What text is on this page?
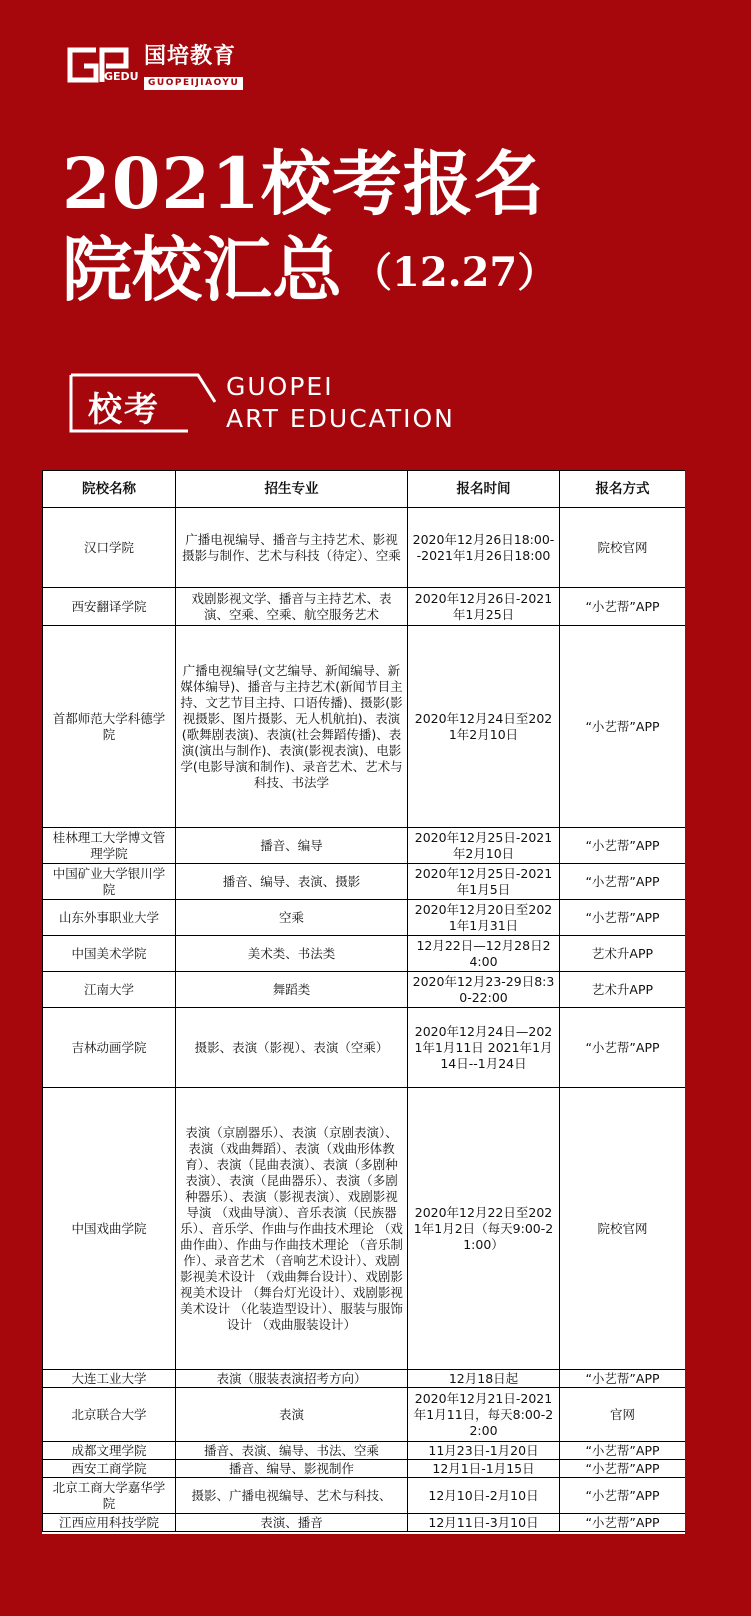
GEDU
国培教育
GUOPEIJIAOYU
2021校考报名
院校汇总 （12.27）
校考
GUOPEI
ART EDUCATION
院校名称	招生专业	报名时间	报名方式
汉口学院	广播电视编导、播音与主持艺术、影视摄影与制作、艺术与科技（待定）、空乘	2020年12月26日18:00--2021年1月26日18:00	院校官网
西安翻译学院	戏剧影视文学、播音与主持艺术、表演、空乘、空乘、航空服务艺术	2020年12月26日-2021年1月25日	“小艺帮”APP
首都师范大学科德学院	广播电视编导(文艺编导、新闻编导、新媒体编导)、播音与主持艺术(新闻节目主持、文艺节目主持、口语传播)、摄影(影视摄影、图片摄影、无人机航拍)、表演(歌舞剧表演)、表演(社会舞蹈传播)、表演(演出与制作)、表演(影视表演)、电影学(电影导演和制作)、录音艺术、艺术与科技、书法学	2020年12月24日至2021年2月10日	“小艺帮”APP
桂林理工大学博文管理学院	播音、编导	2020年12月25日-2021年2月10日	“小艺帮”APP
中国矿业大学银川学院	播音、编导、表演、摄影	2020年12月25日-2021年1月5日	“小艺帮”APP
山东外事职业大学	空乘	2020年12月20日至2021年1月31日	“小艺帮”APP
中国美术学院	美术类、书法类	12月22日—12月28日24:00	艺术升APP
江南大学	舞蹈类	2020年12月23-29日8:30-22:00	艺术升APP
吉林动画学院	摄影、表演（影视）、表演（空乘）	2020年12月24日—2021年1月11日 2021年1月14日--1月24日	“小艺帮”APP
中国戏曲学院	表演（京剧器乐）、表演（京剧表演）、表演（戏曲舞蹈）、表演（戏曲形体教育）、表演（昆曲表演）、表演（多剧种表演）、表演（昆曲器乐）、表演（多剧种器乐）、表演（影视表演）、戏剧影视导演 （戏曲导演）、音乐表演（民族器乐）、音乐学、作曲与作曲技术理论 （戏曲作曲）、作曲与作曲技术理论 （音乐制作）、录音艺术 （音响艺术设计）、戏剧影视美术设计 （戏曲舞台设计）、戏剧影视美术设计 （舞台灯光设计）、戏剧影视美术设计 （化装造型设计）、服装与服饰设计 （戏曲服装设计）	2020年12月22日至2021年1月2日（每天9:00-21:00）	院校官网
大连工业大学	表演（服装表演招考方向）	12月18日起	“小艺帮”APP
北京联合大学	表演	2020年12月21日-2021年1月11日，每天8:00-22:00	官网
成都文理学院	播音、表演、编导、书法、空乘	11月23日-1月20日	“小艺帮”APP
西安工商学院	播音、编导、影视制作	12月1日-1月15日	“小艺帮”APP
北京工商大学嘉华学院	摄影、广播电视编导、艺术与科技、	12月10日-2月10日	“小艺帮”APP
江西应用科技学院	表演、播音	12月11日-3月10日	“小艺帮”APP
